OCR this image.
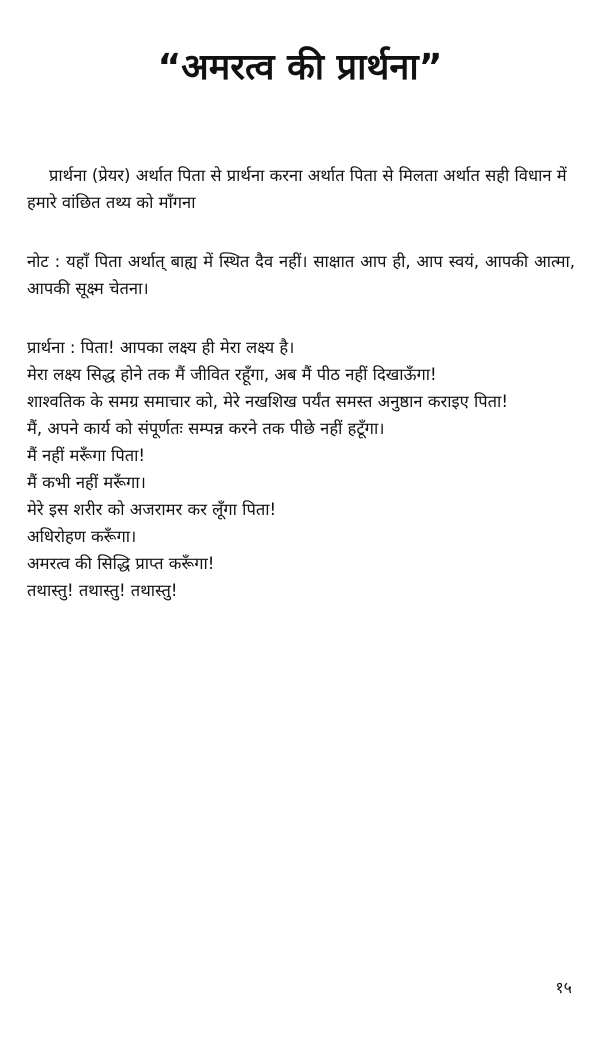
“अमरत्व की प्रार्थना”

प्रार्थना (प्रेयर) अर्थात पिता से प्रार्थना करना अर्थात पिता से मिलता अर्थात सही विधान में हमारे वांछित तथ्य को माँगना

नोट : यहाँ पिता अर्थात् बाह्य में स्थित दैव नहीं। साक्षात आप ही, आप स्वयं, आपकी आत्मा, आपकी सूक्ष्म चेतना।

प्रार्थना : पिता! आपका लक्ष्य ही मेरा लक्ष्य है।
मेरा लक्ष्य सिद्ध होने तक मैं जीवित रहूँगा, अब मैं पीठ नहीं दिखाऊँगा!
शाश्वतिक के समग्र समाचार को, मेरे नखशिख पर्यंत समस्त अनुष्ठान कराइए पिता!
मैं, अपने कार्य को संपूर्णतः सम्पन्न करने तक पीछे नहीं हटूँगा।
मैं नहीं मरूँगा पिता!
मैं कभी नहीं मरूँगा।
मेरे इस शरीर को अजरामर कर लूँगा पिता!
अधिरोहण करूँगा।
अमरत्व की सिद्धि प्राप्त करूँगा!
तथास्तु! तथास्तु! तथास्तु!
१५
